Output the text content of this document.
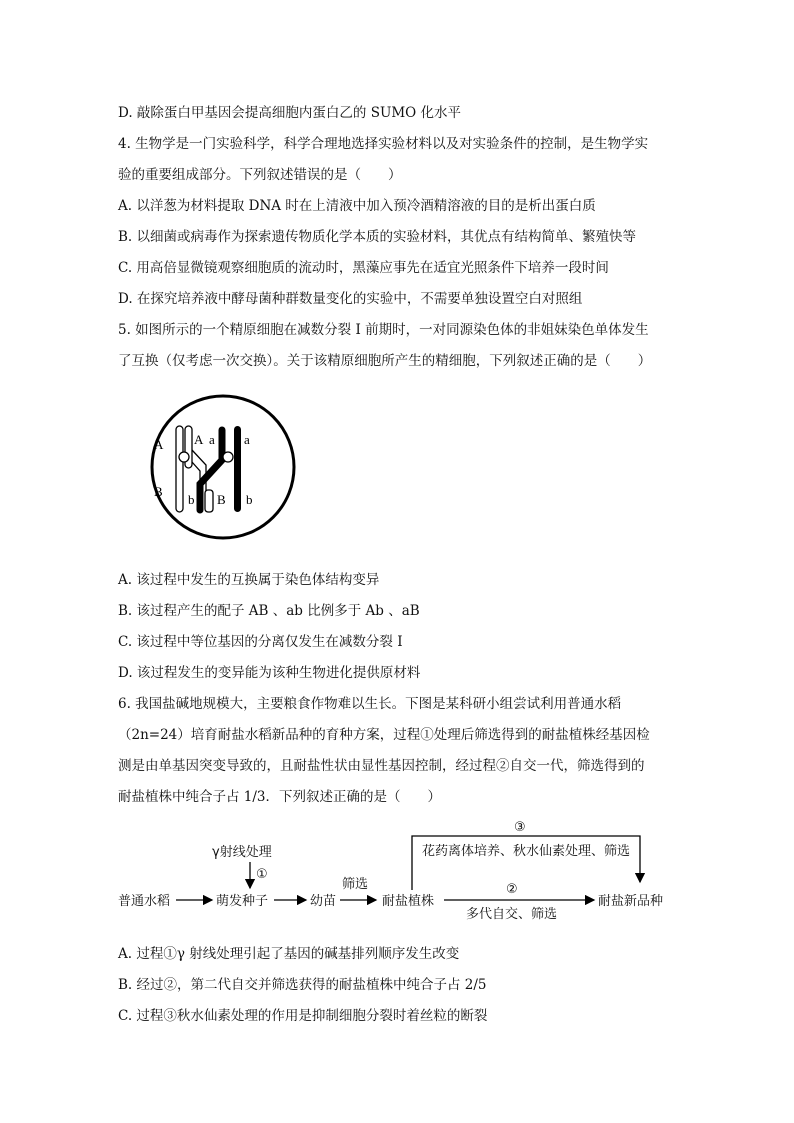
D. 敲除蛋白甲基因会提高细胞内蛋白乙的 SUMO 化水平
4. 生物学是一门实验科学，科学合理地选择实验材料以及对实验条件的控制，是生物学实
验的重要组成部分。下列叙述错误的是（　　）
A. 以洋葱为材料提取 DNA 时在上清液中加入预冷酒精溶液的目的是析出蛋白质
B. 以细菌或病毒作为探索遗传物质化学本质的实验材料，其优点有结构简单、繁殖快等
C. 用高倍显微镜观察细胞质的流动时，黑藻应事先在适宜光照条件下培养一段时间
D. 在探究培养液中酵母菌种群数量变化的实验中，不需要单独设置空白对照组
5. 如图所示的一个精原细胞在减数分裂 I 前期时，一对同源染色体的非姐妹染色单体发生
了互换（仅考虑一次交换）。关于该精原细胞所产生的精细胞，下列叙述正确的是（　　）
A A a a
B
b B b
A. 该过程中发生的互换属于染色体结构变异
B. 该过程产生的配子 AB 、ab 比例多于 Ab 、aB
C. 该过程中等位基因的分离仅发生在减数分裂 I
D. 该过程发生的变异能为该种生物进化提供原材料
6. 我国盐碱地规模大，主要粮食作物难以生长。下图是某科研小组尝试利用普通水稻
（2n=24）培育耐盐水稻新品种的育种方案，过程①处理后筛选得到的耐盐植株经基因检
测是由单基因突变导致的，且耐盐性状由显性基因控制，经过程②自交一代，筛选得到的
耐盐植株中纯合子占 1/3．下列叙述正确的是（　　）
γ射线处理
①
普通水稻	萌发种子	幼苗
筛选
耐盐植株
②
多代自交、筛选
耐盐新品种
③
花药离体培养、秋水仙素处理、筛选
A. 过程①γ 射线处理引起了基因的碱基排列顺序发生改变
B. 经过②，第二代自交并筛选获得的耐盐植株中纯合子占 2/5
C. 过程③秋水仙素处理的作用是抑制细胞分裂时着丝粒的断裂
